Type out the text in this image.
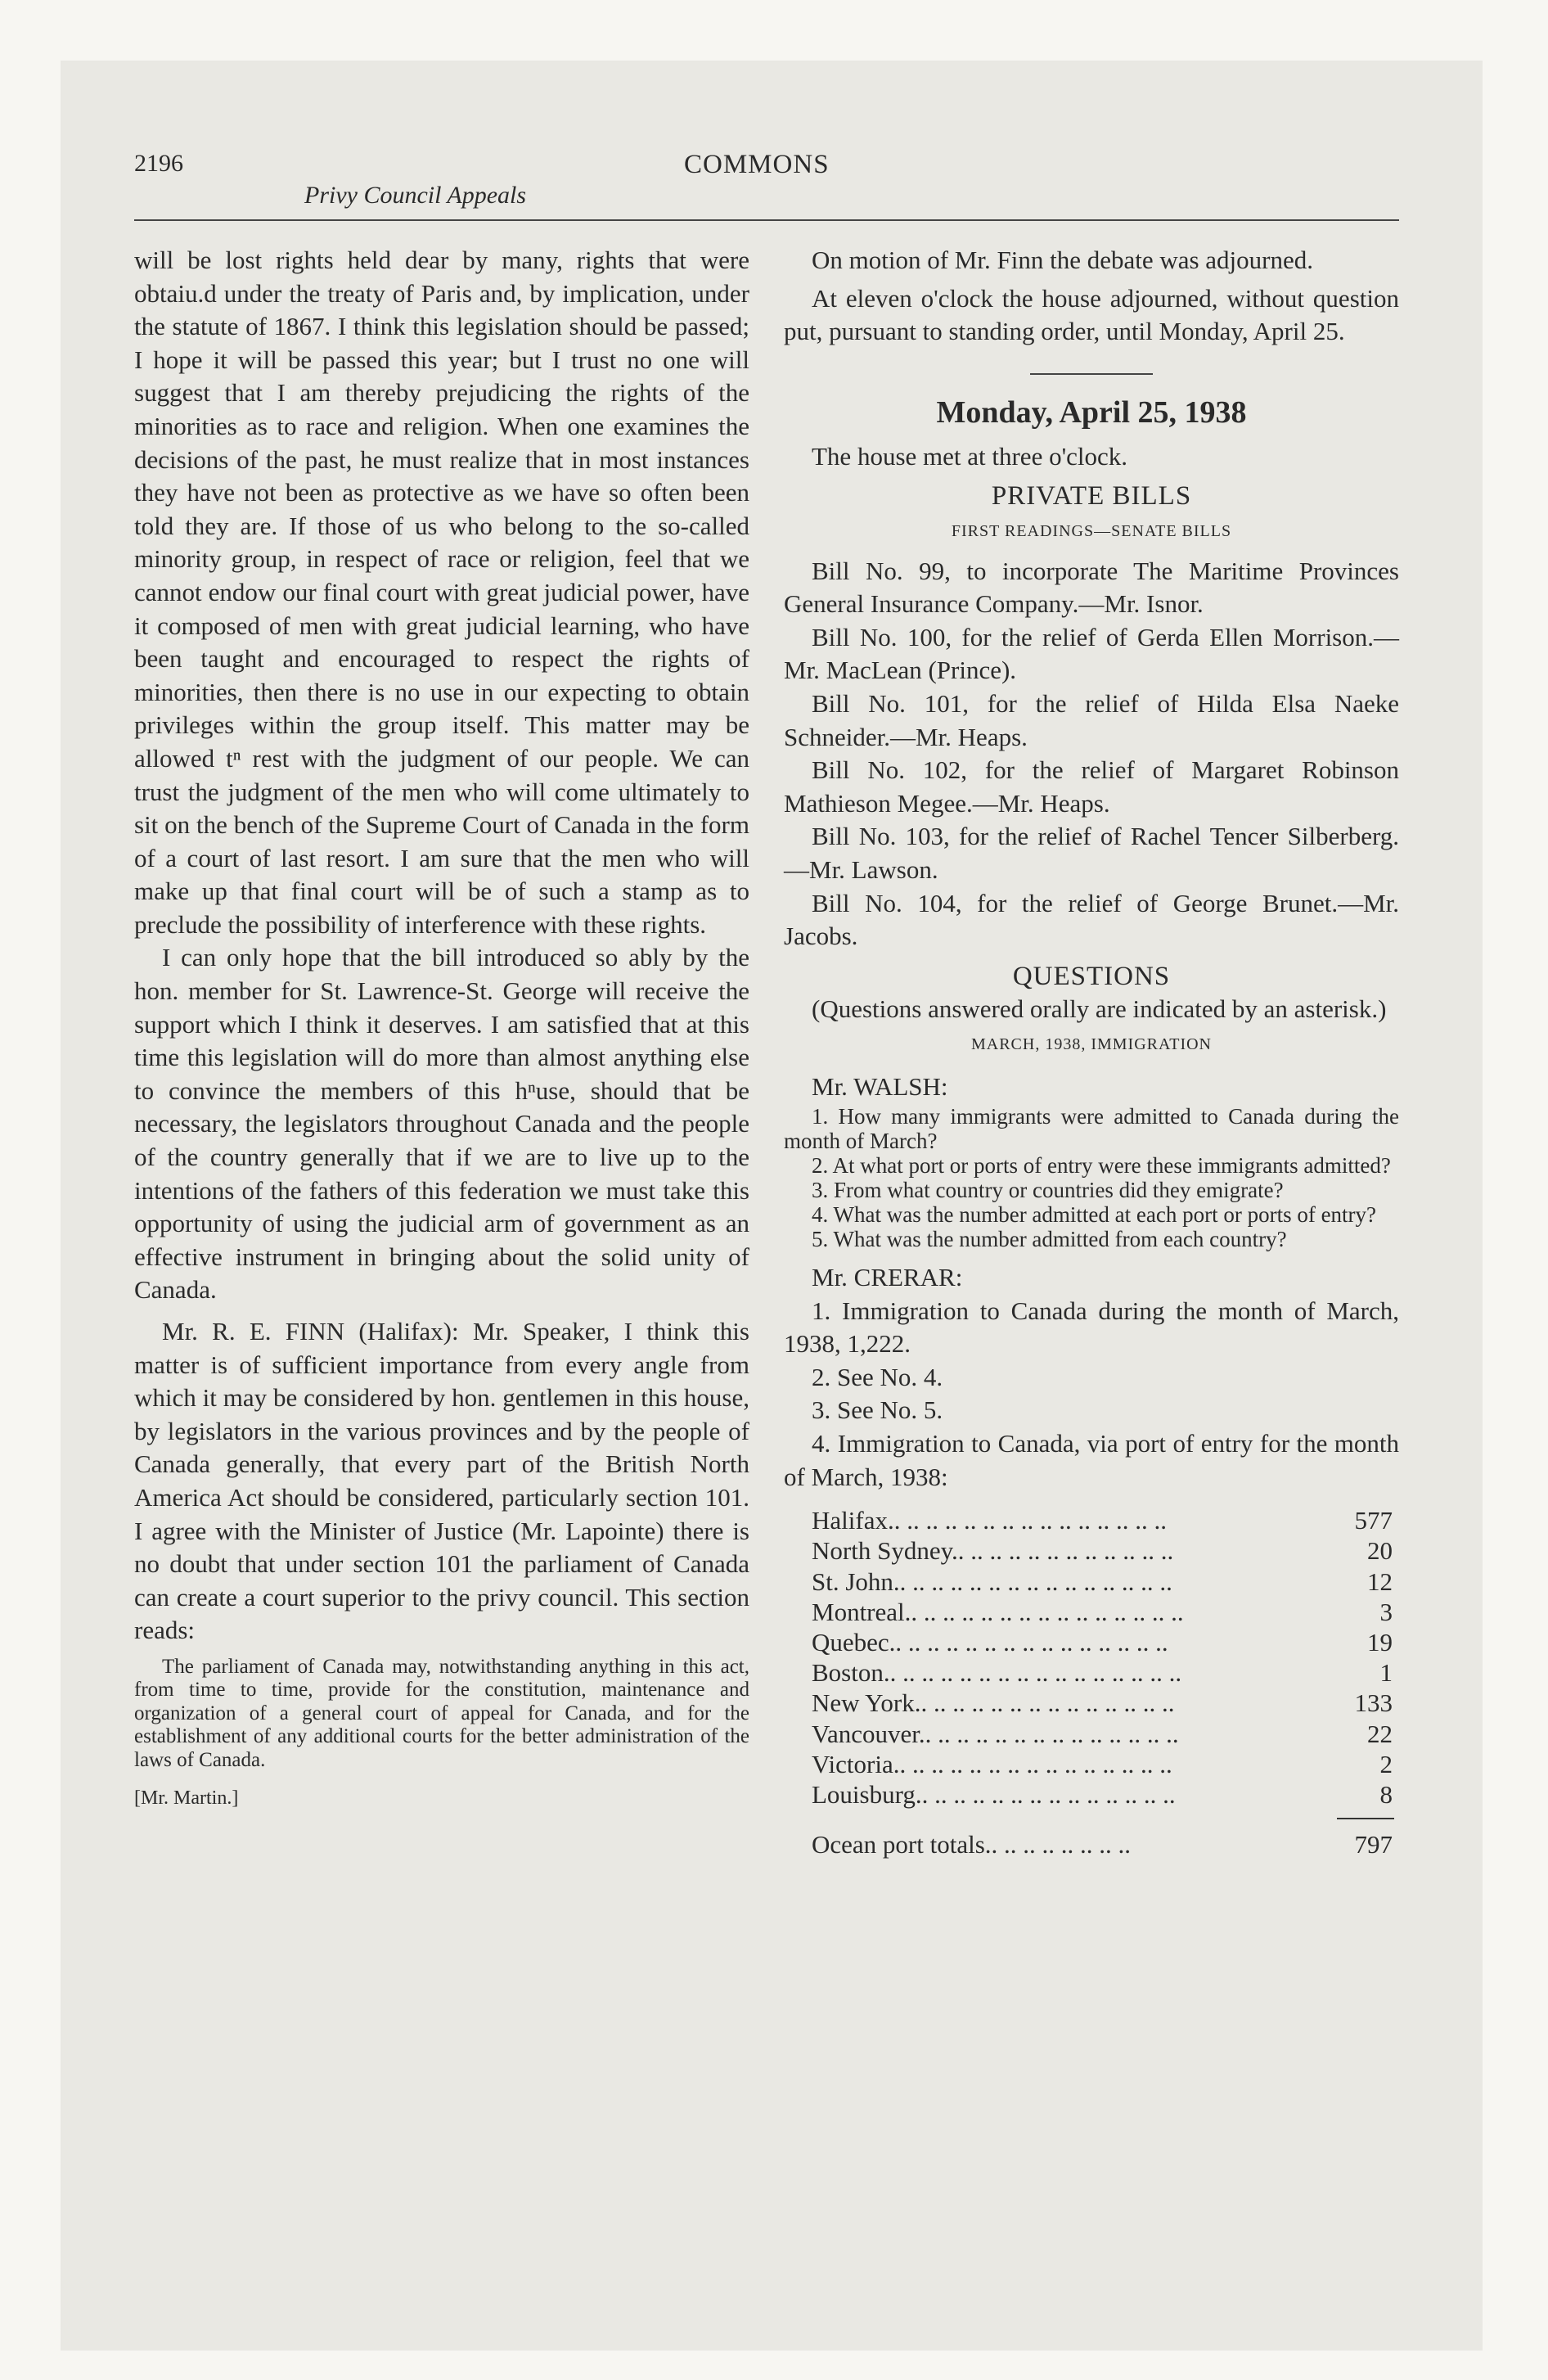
2196	COMMONS
Privy Council Appeals

will be lost rights held dear by many, rights that were obtaiu.d under the treaty of Paris and, by implication, under the statute of 1867. I think this legislation should be passed; I hope it will be passed this year; but I trust no one will suggest that I am thereby prejudicing the rights of the minorities as to race and religion. When one examines the decisions of the past, he must realize that in most instances they have not been as protective as we have so often been told they are. If those of us who belong to the so-called minority group, in respect of race or religion, feel that we cannot endow our final court with great judicial power, have it composed of men with great judicial learning, who have been taught and encouraged to respect the rights of minorities, then there is no use in our expecting to obtain privileges within the group itself. This matter may be allowed tⁿ rest with the judgment of our people. We can trust the judgment of the men who will come ultimately to sit on the bench of the Supreme Court of Canada in the form of a court of last resort. I am sure that the men who will make up that final court will be of such a stamp as to preclude the possibility of interference with these rights.

I can only hope that the bill introduced so ably by the hon. member for St. Lawrence-St. George will receive the support which I think it deserves. I am satisfied that at this time this legislation will do more than almost anything else to convince the members of this hⁿuse, should that be necessary, the legislators throughout Canada and the people of the country generally that if we are to live up to the intentions of the fathers of this federation we must take this opportunity of using the judicial arm of government as an effective instrument in bringing about the solid unity of Canada.

Mr. R. E. FINN (Halifax): Mr. Speaker, I think this matter is of sufficient importance from every angle from which it may be considered by hon. gentlemen in this house, by legislators in the various provinces and by the people of Canada generally, that every part of the British North America Act should be considered, particularly section 101. I agree with the Minister of Justice (Mr. Lapointe) there is no doubt that under section 101 the parliament of Canada can create a court superior to the privy council. This section reads:

The parliament of Canada may, notwithstanding anything in this act, from time to time, provide for the constitution, maintenance and organization of a general court of appeal for Canada, and for the establishment of any additional courts for the better administration of the laws of Canada.

[Mr. Martin.]

On motion of Mr. Finn the debate was adjourned.

At eleven o'clock the house adjourned, without question put, pursuant to standing order, until Monday, April 25.

Monday, April 25, 1938

The house met at three o'clock.

PRIVATE BILLS

FIRST READINGS—SENATE BILLS

Bill No. 99, to incorporate The Maritime Provinces General Insurance Company.—Mr. Isnor.

Bill No. 100, for the relief of Gerda Ellen Morrison.—Mr. MacLean (Prince).

Bill No. 101, for the relief of Hilda Elsa Naeke Schneider.—Mr. Heaps.

Bill No. 102, for the relief of Margaret Robinson Mathieson Megee.—Mr. Heaps.

Bill No. 103, for the relief of Rachel Tencer Silberberg.—Mr. Lawson.

Bill No. 104, for the relief of George Brunet.—Mr. Jacobs.

QUESTIONS

(Questions answered orally are indicated by an asterisk.)

MARCH, 1938, IMMIGRATION

Mr. WALSH:

1. How many immigrants were admitted to Canada during the month of March?

2. At what port or ports of entry were these immigrants admitted?

3. From what country or countries did they emigrate?

4. What was the number admitted at each port or ports of entry?

5. What was the number admitted from each country?

Mr. CRERAR:

1. Immigration to Canada during the month of March, 1938, 1,222.

2. See No. 4.

3. See No. 5.

4. Immigration to Canada, via port of entry for the month of March, 1938:

Halifax.. .. .. .. .. .. .. .. .. .. .. .. .. .. ..	577
North Sydney.. .. .. .. .. .. .. .. .. .. .. ..	20
St. John.. .. .. .. .. .. .. .. .. .. .. .. .. .. ..	12
Montreal.. .. .. .. .. .. .. .. .. .. .. .. .. .. ..	3
Quebec.. .. .. .. .. .. .. .. .. .. .. .. .. .. ..	19
Boston.. .. .. .. .. .. .. .. .. .. .. .. .. .. .. ..	1
New York.. .. .. .. .. .. .. .. .. .. .. .. .. ..	133
Vancouver.. .. .. .. .. .. .. .. .. .. .. .. .. ..	22
Victoria.. .. .. .. .. .. .. .. .. .. .. .. .. .. ..	2
Louisburg.. .. .. .. .. .. .. .. .. .. .. .. .. ..	8
Ocean port totals.. .. .. .. .. .. .. ..	797
